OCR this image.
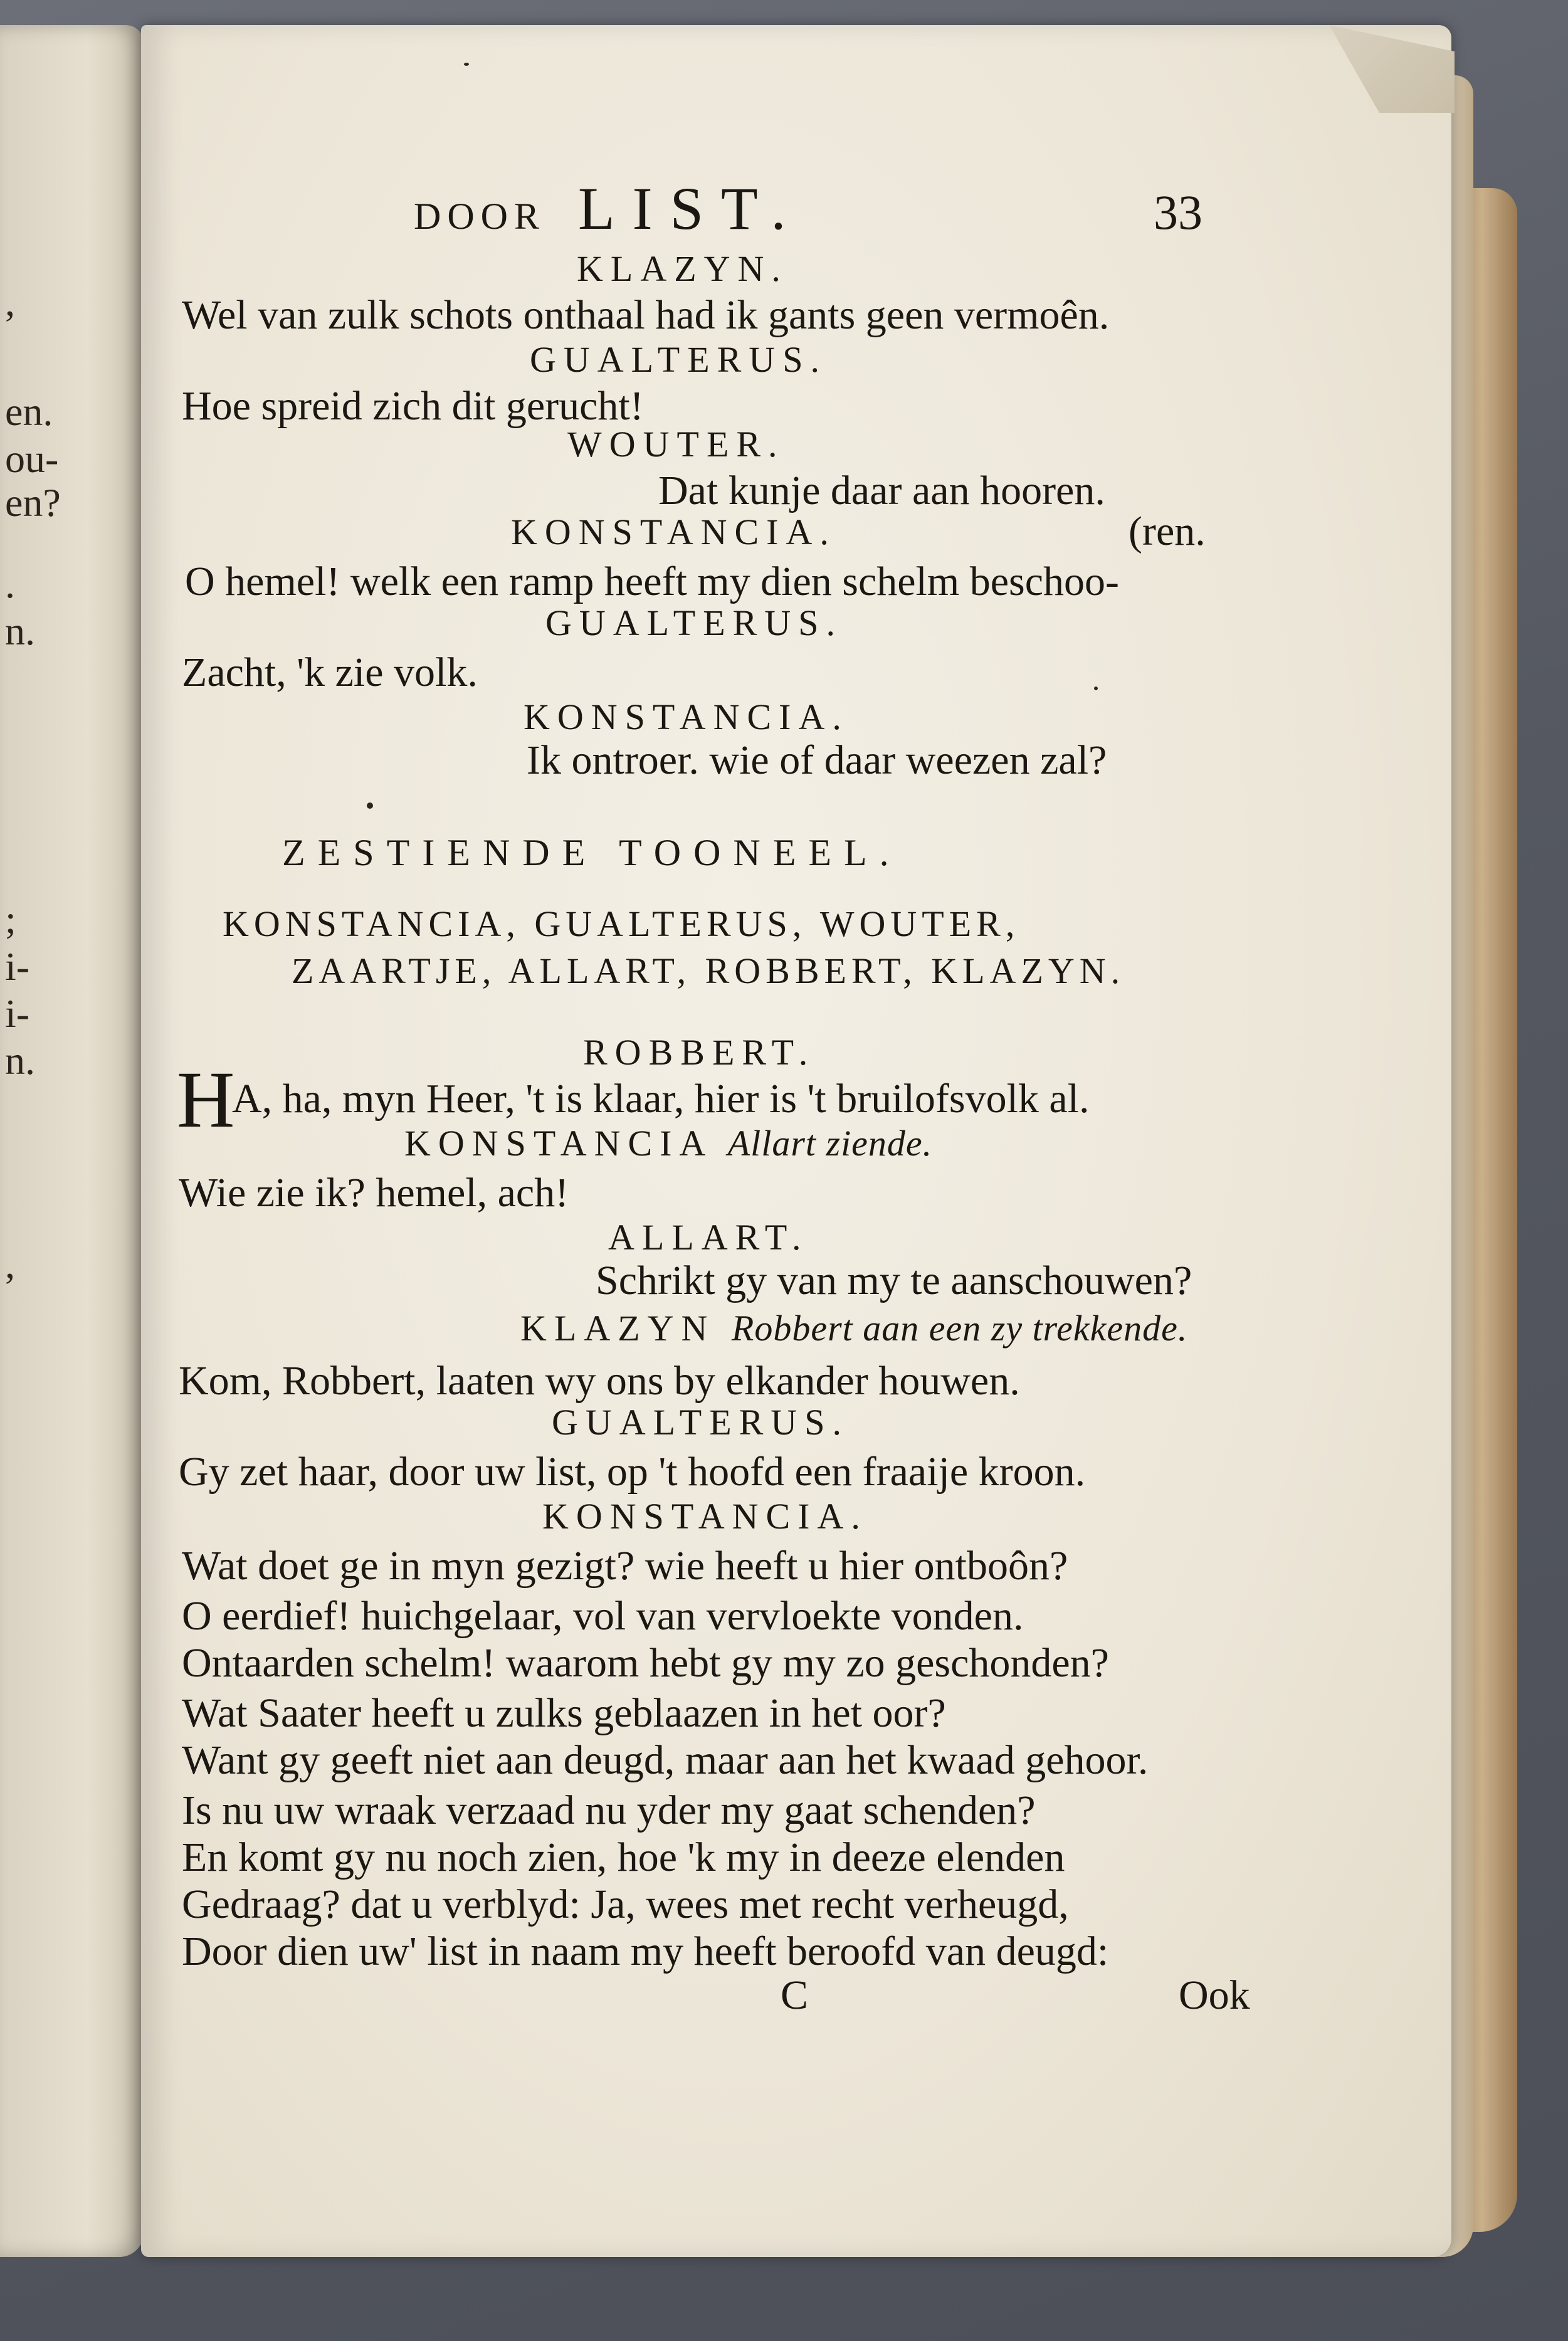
,
en.
ou-
en?
.
n.
;
i-
i-
n.
,
DOOR LIST.	33
KLAZYN.
Wel van zulk schots onthaal had ik gants geen vermoên.
GUALTERUS.
Hoe spreid zich dit gerucht!
WOUTER.
Dat kunje daar aan hooren.
KONSTANCIA.	(ren.
O hemel! welk een ramp heeft my dien schelm beschoo-
GUALTERUS.
Zacht, 'k zie volk.
KONSTANCIA.
Ik ontroer. wie of daar weezen zal?
ZESTIENDE TOONEEL.
KONSTANCIA, GUALTERUS, WOUTER,
ZAARTJE, ALLART, ROBBERT, KLAZYN.
ROBBERT.
H
A, ha, myn Heer, 't is klaar, hier is 't bruilofsvolk al.
KONSTANCIA Allart ziende.
Wie zie ik? hemel, ach!
ALLART.
Schrikt gy van my te aanschouwen?
KLAZYN Robbert aan een zy trekkende.
Kom, Robbert, laaten wy ons by elkander houwen.
GUALTERUS.
Gy zet haar, door uw list, op 't hoofd een fraaije kroon.
KONSTANCIA.
Wat doet ge in myn gezigt? wie heeft u hier ontboôn?
O eerdief! huichgelaar, vol van vervloekte vonden.
Ontaarden schelm! waarom hebt gy my zo geschonden?
Wat Saater heeft u zulks geblaazen in het oor?
Want gy geeft niet aan deugd, maar aan het kwaad gehoor.
Is nu uw wraak verzaad nu yder my gaat schenden?
En komt gy nu noch zien, hoe 'k my in deeze elenden
Gedraag? dat u verblyd: Ja, wees met recht verheugd,
Door dien uw' list in naam my heeft beroofd van deugd:
C	Ook
